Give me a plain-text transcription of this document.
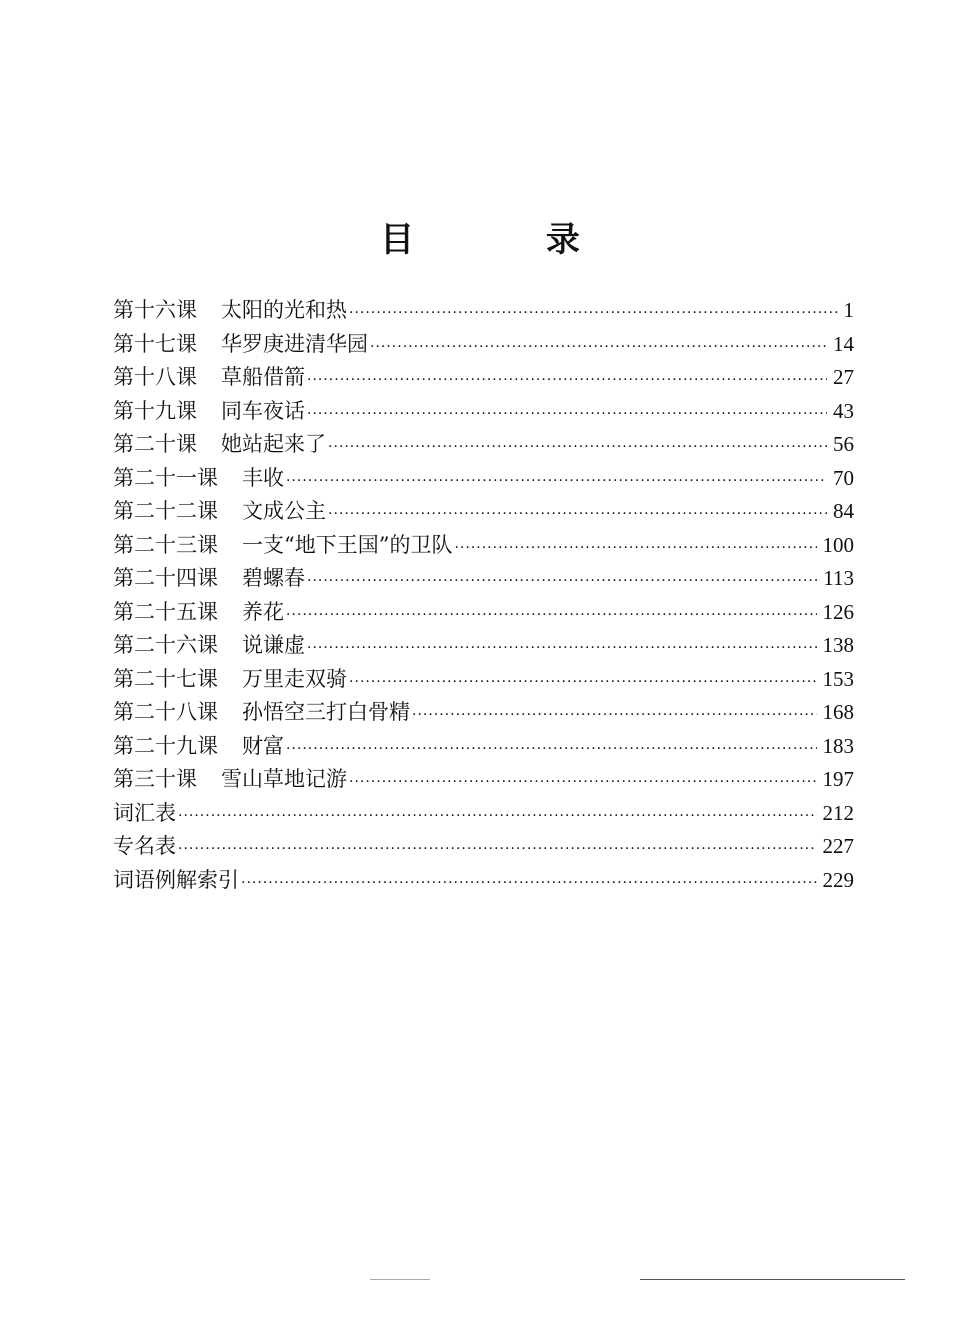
目 录
第十六课 太阳的光和热 ·····	1
第十七课 华罗庚进清华园 ·····	14
第十八课 草船借箭 ·····	27
第十九课 同车夜话 ·····	43
第二十课 她站起来了 ·····	56
第二十一课 丰收 ·····	70
第二十二课 文成公主 ·····	84
第二十三课 一支“地下王国”的卫队 ·····	100
第二十四课 碧螺春 ·····	113
第二十五课 养花 ·····	126
第二十六课 说谦虚 ·····	138
第二十七课 万里走双骑 ·····	153
第二十八课 孙悟空三打白骨精 ·····	168
第二十九课 财富 ·····	183
第三十课 雪山草地记游 ·····	197
词汇表 ·····	212
专名表 ·····	227
词语例解索引 ·····	229
